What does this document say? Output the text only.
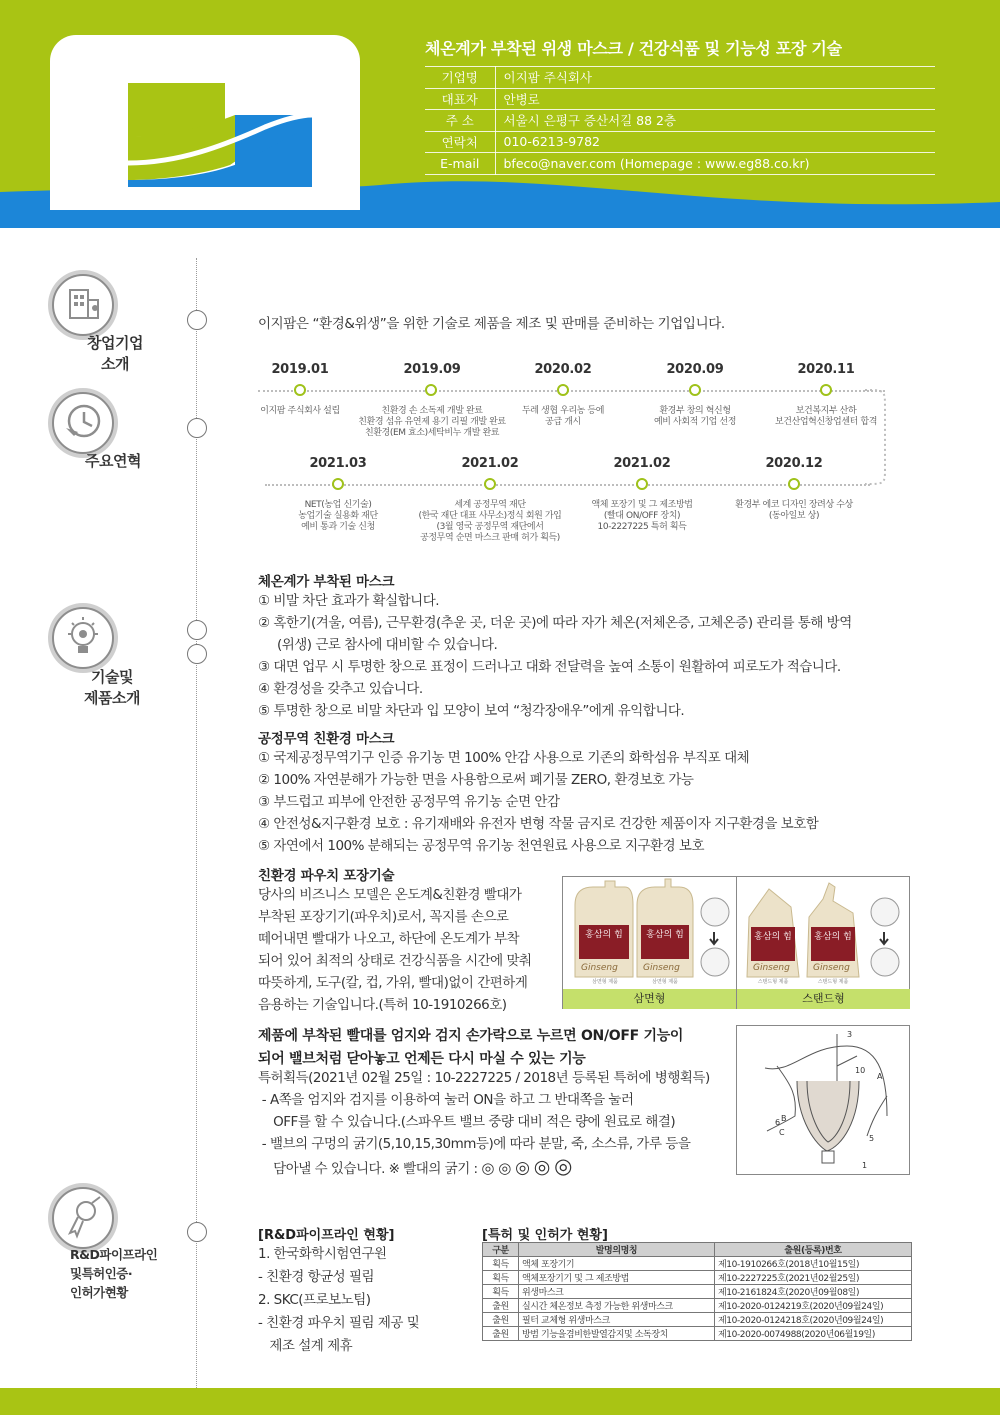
체온계가 부착된 위생 마스크 / 건강식품 및 기능성 포장 기술
기업명	이지팜 주식회사
대표자	안병로
주 소	서울시 은평구 증산서길 88 2층
연락처	010-6213-9782
E-mail	bfeco@naver.com (Homepage : www.eg88.co.kr)
창업기업
소개
주요연혁
기술및
제품소개
R&D파이프라인
및특허인증·
인허가현황
이지팜은 “환경&위생”을 위한 기술로 제품을 제조 및 판매를 준비하는 기업입니다.
2019.01
이지팜 주식회사 설립
2019.09
친환경 손 소독제 개발 완료
친환경 섬유 유연제 용기 리필 개발 완료
친환경(EM 효소)세탁비누 개발 완료
2020.02
두레 생협 우리농 등에
공급 개시
2020.09
환경부 창의 혁신형
예비 사회적 기업 선정
2020.11
보건복지부 산하
보건산업혁신창업센터 합격
2021.03
NET(농업 신기술)
농업기술 실용화 재단
예비 통과 기술 신청
2021.02
세계 공정무역 재단
(한국 재단 대표 사무소)정식 회원 가입
(3월 영국 공정무역 재단에서
공정무역 순면 마스크 판매 허가 획득)
2021.02
액체 포장기 및 그 제조방법
(빨대 ON/OFF 장치)
10-2227225 특허 획득
2020.12
환경부 에코 디자인 장려상 수상
(동아일보 상)
체온계가 부착된 마스크
① 비말 차단 효과가 확실합니다.
② 혹한기(겨울, 여름), 근무환경(추운 곳, 더운 곳)에 따라 자가 체온(저체온증, 고체온증) 관리를 통해 방역
(위생) 근로 참사에 대비할 수 있습니다.
③ 대면 업무 시 투명한 창으로 표정이 드러나고 대화 전달력을 높여 소통이 원활하여 피로도가 적습니다.
④ 환경성을 갖추고 있습니다.
⑤ 투명한 창으로 비말 차단과 입 모양이 보여 “청각장애우”에게 유익합니다.
공정무역 친환경 마스크
① 국제공정무역기구 인증 유기농 면 100% 안감 사용으로 기존의 화학섬유 부직포 대체
② 100% 자연분해가 가능한 면을 사용함으로써 폐기물 ZERO, 환경보호 가능
③ 부드럽고 피부에 안전한 공정무역 유기농 순면 안감
④ 안전성&지구환경 보호 : 유기재배와 유전자 변형 작물 금지로 건강한 제품이자 지구환경을 보호함
⑤ 자연에서 100% 분해되는 공정무역 유기농 천연원료 사용으로 지구환경 보호
친환경 파우치 포장기술
당사의 비즈니스 모델은 온도계&친환경 빨대가
부착된 포장기기(파우치)로서, 꼭지를 손으로
떼어내면 빨대가 나오고, 하단에 온도계가 부착
되어 있어 최적의 상태로 건강식품을 시간에 맞춰
따뜻하게, 도구(칼, 컵, 가위, 빨대)없이 간편하게
음용하는 기술입니다.(특허 10-1910266호)
홍삼의 힘	홍삼의 힘	홍삼의 힘	홍삼의 힘
Ginseng	Ginseng	Ginseng	Ginseng
삼면형 제품	삼면형 제품	스탠드형 제품	스탠드형 제품
삼면형	스탠드형
제품에 부착된 빨대를 엄지와 검지 손가락으로 누르면 ON/OFF 기능이
되어 밸브처럼 닫아놓고 언제든 다시 마실 수 있는 기능
특허획득(2021년 02월 25일 : 10-2227225 / 2018년 등록된 특허에 병행획득)
- A쪽을 엄지와 검지를 이용하여 눌러 ON을 하고 그 반대쪽을 눌러
OFF를 할 수 있습니다.(스파우트 밸브 중량 대비 적은 량에 원료로 해결)
- 밸브의 구멍의 굵기(5,10,15,30mm등)에 따라 분말, 죽, 소스류, 가루 등을
담아낼 수 있습니다. ※ 빨대의 굵기 : ◎ ◎ ◎ ◎ ◎
A
B
C
1
3
5
6
10
[R&D파이프라인 현황]
1. 한국화학시험연구원
- 친환경 항균성 필림
2. SKC(프로보노팀)
- 친환경 파우치 필림 제공 및
제조 설계 제휴
[특허 및 인허가 현황]
구분	발명의명칭	출원(등록)번호
획득	액체 포장기기	제10-1910266호(2018년10월15일)
획득	액체포장기기 및 그 제조방법	제10-2227225호(2021년02월25일)
획득	위생마스크	제10-2161824호(2020년09월08일)
출원	실시간 체온정보 측정 가능한 위생마스크	제10-2020-0124219호(2020년09월24일)
출원	필터 교체형 위생마스크	제10-2020-0124218호(2020년09월24일)
출원	방범 기능을겸비한발열감지및 소독장치	제10-2020-0074988(2020년06월19일)
